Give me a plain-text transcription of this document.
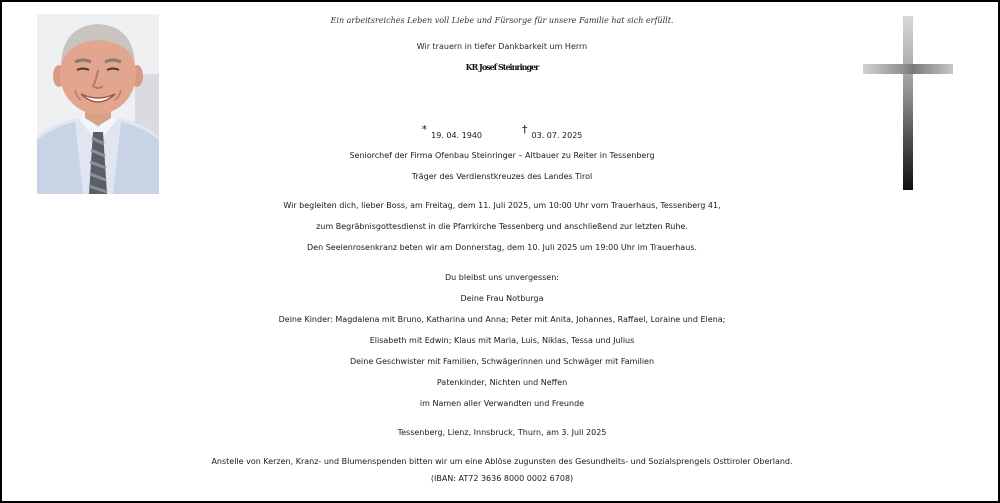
Ein arbeitsreiches Leben voll Liebe und Fürsorge für unsere Familie hat sich erfüllt.
Wir trauern in tiefer Dankbarkeit um Herrn
KR Josef Steinringer
* 19. 04. 1940	† 03. 07. 2025
Seniorchef der Firma Ofenbau Steinringer – Altbauer zu Reiter in Tessenberg
Träger des Verdienstkreuzes des Landes Tirol
Wir begleiten dich, lieber Boss, am Freitag, dem 11. Juli 2025, um 10:00 Uhr vom Trauerhaus, Tessenberg 41,
zum Begräbnisgottesdienst in die Pfarrkirche Tessenberg und anschließend zur letzten Ruhe.
Den Seelenrosenkranz beten wir am Donnerstag, dem 10. Juli 2025 um 19:00 Uhr im Trauerhaus.
Du bleibst uns unvergessen:
Deine Frau Notburga
Deine Kinder: Magdalena mit Bruno, Katharina und Anna; Peter mit Anita, Johannes, Raffael, Loraine und Elena;
Elisabeth mit Edwin; Klaus mit Maria, Luis, Niklas, Tessa und Julius
Deine Geschwister mit Familien, Schwägerinnen und Schwäger mit Familien
Patenkinder, Nichten und Neffen
im Namen aller Verwandten und Freunde
Tessenberg, Lienz, Innsbruck, Thurn, am 3. Juli 2025
Anstelle von Kerzen, Kranz- und Blumenspenden bitten wir um eine Ablöse zugunsten des Gesundheits- und Sozialsprengels Osttiroler Oberland.
(IBAN: AT72 3636 8000 0002 6708)
